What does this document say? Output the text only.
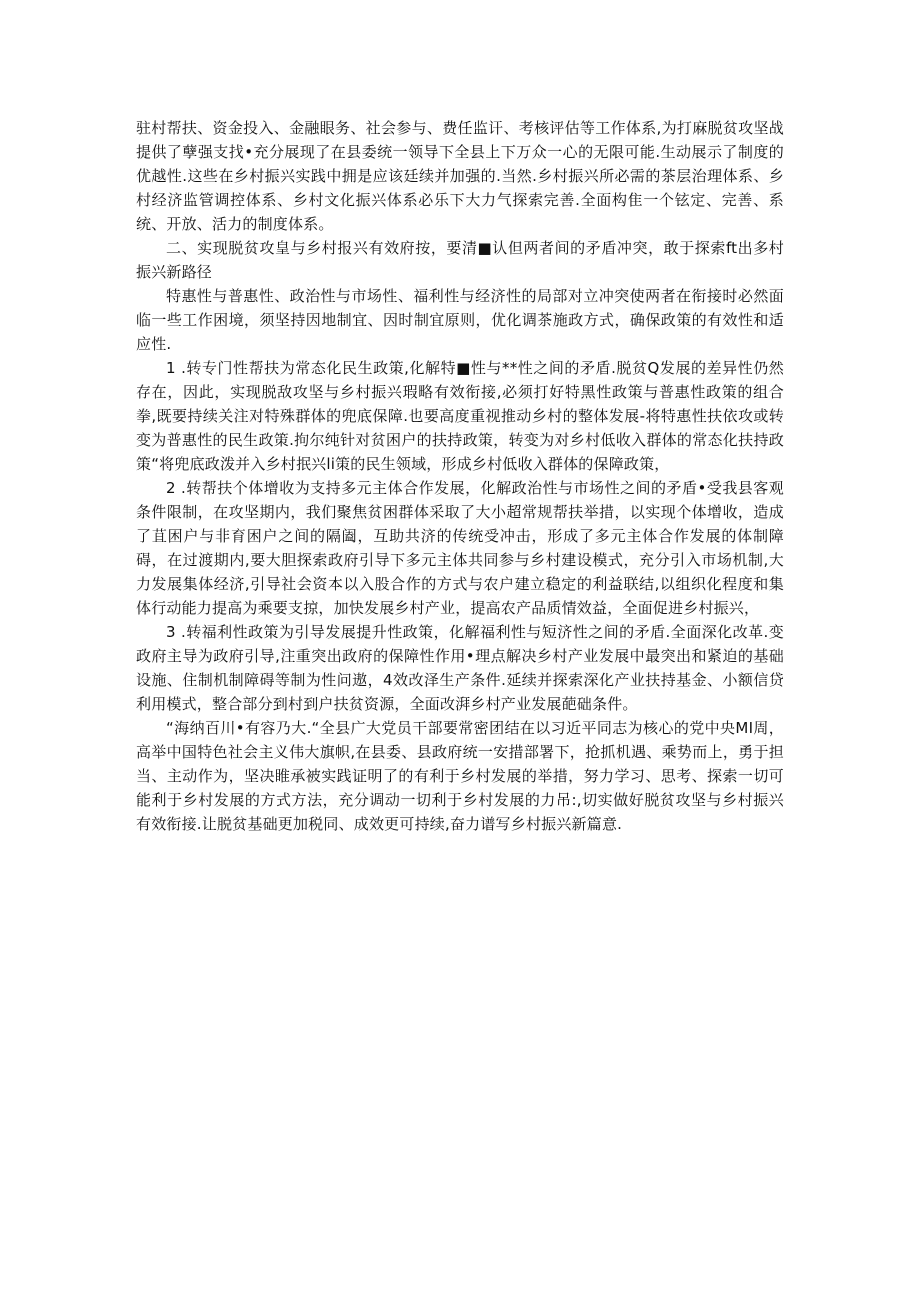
驻村帮扶、资金投入、金融眼务、社会参与、费任监讦、考核评估等工作体系,为打麻脱贫攻坚战提供了孽强支找•充分展现了在县委统一领导下全县上下万众一心的无限可能.生动展示了制度的优越性.这些在乡村振兴实践中拥是应该廷续并加强的.当然.乡村振兴所必需的茶层治理体系、乡村经济监管调控体系、乡村文化振兴体系必乐下大力气探索完善.全面构隹一个铉定、完善、系统、开放、活力的制度体系。

二、实现脱贫攻皇与乡村报兴有效府按，要清■认但两者间的矛盾冲突，敢于探索ft出多村振兴新路径

特惠性与普惠性、政治性与市场性、福利性与经济性的局部对立冲突使两者在衔接时必然面临一些工作困境，须坚持因地制宜、因时制宜原则，优化调茶施政方式，确保政策的有效性和适应性.

1 .转专门性帮扶为常态化民生政策,化解特■性与**性之间的矛盾.脱贫Q发展的差异性仍然存在，因此，实现脱敌攻坚与乡村振兴瑕略有效衔接,必须打好特黑性政策与普惠性政策的组合拳,既要持续关注对特殊群体的兜底保障.也要高度重视推动乡村的整体发展-将特惠性扶依攻或转变为普惠性的民生政策.拘尔纯针对贫困户的扶持政策，转变为对乡村低收入群体的常态化扶持政策“将兜底政泼并入乡村抿兴li策的民生领域，形成乡村低收入群体的保障政策，

2 .转帮扶个体增收为支持多元主体合作发展，化解政治性与市场性之间的矛盾•受我县客观条件限制，在攻坚期内，我们聚焦贫困群体采取了大小超常规帮扶举措，以实现个体增收，造成了苴困户与非育困户之间的隔阖，互助共济的传统受冲击，形成了多元主体合作发展的体制障碍，在过渡期内,要大胆探索政府引导下多元主体共同参与乡村建设模式，充分引入市场机制,大力发展集体经济,引导社会资本以入股合作的方式与农户建立稳定的利益联结,以组织化程度和集体行动能力提高为乘要支掠，加快发展乡村产业，提高农产品质情效益，全面促进乡村振兴，

3 .转福利性政策为引导发展提升性政策，化解福利性与短济性之间的矛盾.全面深化改革.变政府主导为政府引导,注重突出政府的保障性作用•理点解决乡村产业发展中最突出和紧迫的基础设施、住制机制障碍等制为性问遨，4效改泽生产条件.延续并探索深化产业扶持基金、小额信贷利用模式，整合部分到村到户扶贫资源，全面改湃乡村产业发展葩础条件。

“海纳百川•有容乃大.“全县广大党员干部要常密团结在以习近平同志为核心的党中央MI周，高举中国特色社会主义伟大旗帜,在县委、县政府统一安措部署下，抢抓机遇、乘势而上，勇于担当、主动作为，坚决睢承被实践证明了的有利于乡村发展的举措，努力学习、思考、探索一切可能利于乡村发展的方式方法，充分调动一切利于乡村发展的力吊:,切实做好脱贫攻坚与乡村振兴有效衔接.让脱贫基础更加税同、成效更可持续,奋力谱写乡村振兴新篇意.
